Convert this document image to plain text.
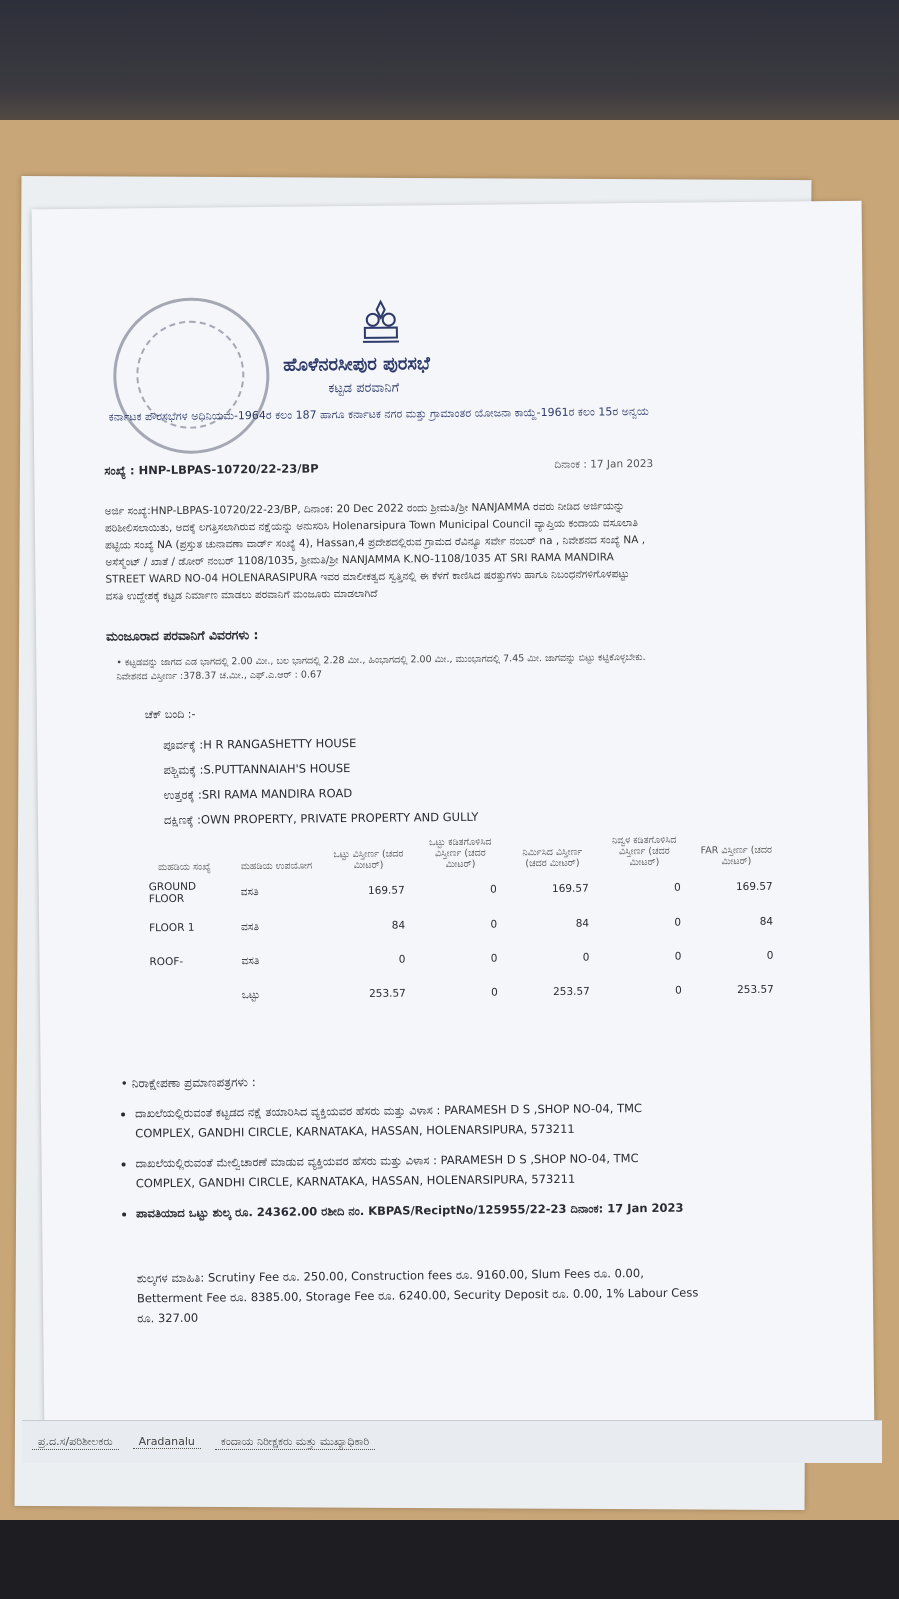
ಹೊಳೆನರಸೀಪುರ ಪುರಸಭೆ
ಕಟ್ಟಡ ಪರವಾನಿಗೆ
ಕರ್ನಾಟಕ ಪೌರಸಭೆಗಳ ಅಧಿನಿಯಮ-1964ರ ಕಲಂ 187 ಹಾಗೂ ಕರ್ನಾಟಕ ನಗರ ಮತ್ತು ಗ್ರಾಮಾಂತರ ಯೋಜನಾ ಕಾಯ್ದೆ-1961ರ ಕಲಂ 15ರ ಅನ್ವಯ
ಸಂಖ್ಯೆ : HNP-LBPAS-10720/22-23/BP	ದಿನಾಂಕ : 17 Jan 2023
ಅರ್ಜಿ ಸಂಖ್ಯೆ:HNP-LBPAS-10720/22-23/BP, ದಿನಾಂಕ: 20 Dec 2022 ರಂದು ಶ್ರೀಮತಿ/ಶ್ರೀ NANJAMMA ರವರು ನೀಡಿದ ಅರ್ಜಿಯನ್ನು ಪರಿಶೀಲಿಸಲಾಯಿತು, ಅದಕ್ಕೆ ಲಗತ್ತಿಸಲಾಗಿರುವ ನಕ್ಷೆಯನ್ನು ಅನುಸರಿಸಿ Holenarsipura Town Municipal Council ವ್ಯಾಪ್ತಿಯ ಕಂದಾಯ ವಸೂಲಾತಿ ಪಟ್ಟಿಯ ಸಂಖ್ಯೆ NA (ಪ್ರಸ್ತುತ ಚುನಾವಣಾ ವಾರ್ಡ್ ಸಂಖ್ಯೆ 4), Hassan,4 ಪ್ರದೇಶದಲ್ಲಿರುವ ಗ್ರಾಮದ ರೆವಿನ್ಯೂ ಸರ್ವೇ ನಂಬರ್ na , ನಿವೇಶನದ ಸಂಖ್ಯೆ NA , ಅಸೆಸ್ಮೆಂಟ್ / ಖಾತೆ / ಡೋರ್ ನಂಬರ್ 1108/1035, ಶ್ರೀಮತಿ/ಶ್ರೀ NANJAMMA K.NO-1108/1035 AT SRI RAMA MANDIRA STREET WARD NO-04 HOLENARASIPURA ಇವರ ಮಾಲೀಕತ್ವದ ಸ್ವತ್ತಿನಲ್ಲಿ ಈ ಕೆಳಗೆ ಕಾಣಿಸಿದ ಷರತ್ತುಗಳು ಹಾಗೂ ನಿಬಂಧನೆಗಳಿಗೊಳಪಟ್ಟು ವಸತಿ ಉದ್ದೇಶಕ್ಕೆ ಕಟ್ಟಡ ನಿರ್ಮಾಣ ಮಾಡಲು ಪರವಾನಿಗೆ ಮಂಜೂರು ಮಾಡಲಾಗಿದೆ
ಮಂಜೂರಾದ ಪರವಾನಿಗೆ ವಿವರಗಳು :
• ಕಟ್ಟಡವನ್ನು ಜಾಗದ ಎಡ ಭಾಗದಲ್ಲಿ 2.00 ಮೀ., ಬಲ ಭಾಗದಲ್ಲಿ 2.28 ಮೀ., ಹಿಂಭಾಗದಲ್ಲಿ 2.00 ಮೀ., ಮುಂಭಾಗದಲ್ಲಿ 7.45 ಮೀ. ಜಾಗವನ್ನು ಬಿಟ್ಟು ಕಟ್ಟಿಕೊಳ್ಳಬೇಕು.
ನಿವೇಶನದ ವಿಸ್ತೀರ್ಣ :378.37 ಚ.ಮೀ., ಎಫ್.ಎ.ಆರ್ : 0.67
ಚೆಕ್ ಬಂದಿ :-
ಪೂರ್ವಕ್ಕೆ :H R RANGASHETTY HOUSE
ಪಶ್ಚಿಮಕ್ಕೆ :S.PUTTANNAIAH'S HOUSE
ಉತ್ತರಕ್ಕೆ :SRI RAMA MANDIRA ROAD
ದಕ್ಷಿಣಕ್ಕೆ :OWN PROPERTY, PRIVATE PROPERTY AND GULLY
ಮಹಡಿಯ ಸಂಖ್ಯೆ	ಮಹಡಿಯ ಉಪಯೋಗ	ಒಟ್ಟು ವಿಸ್ತೀರ್ಣ (ಚದರ ಮೀಟರ್)	ಒಟ್ಟು ಕಡಿತಗೊಳಿಸಿದ ವಿಸ್ತೀರ್ಣ (ಚದರ ಮೀಟರ್)	ನಿರ್ಮಿಸಿದ ವಿಸ್ತೀರ್ಣ (ಚದರ ಮೀಟರ್)	ನಿವ್ವಳ ಕಡಿತಗೊಳಿಸಿದ ವಿಸ್ತೀರ್ಣ (ಚದರ ಮೀಟರ್)	FAR ವಿಸ್ತೀರ್ಣ (ಚದರ ಮೀಟರ್)
GROUND FLOOR	ವಸತಿ	169.57	0	169.57	0	169.57
FLOOR 1	ವಸತಿ	84	0	84	0	84
ROOF-	ವಸತಿ	0	0	0	0	0
	ಒಟ್ಟು	253.57	0	253.57	0	253.57
• ನಿರಾಕ್ಷೇಪಣಾ ಪ್ರಮಾಣಪತ್ರಗಳು :
• ದಾಖಲೆಯಲ್ಲಿರುವಂತೆ ಕಟ್ಟಡದ ನಕ್ಷೆ ತಯಾರಿಸಿದ ವ್ಯಕ್ತಿಯವರ ಹೆಸರು ಮತ್ತು ವಿಳಾಸ : PARAMESH D S ,SHOP NO-04, TMC COMPLEX, GANDHI CIRCLE, KARNATAKA, HASSAN, HOLENARSIPURA, 573211
• ದಾಖಲೆಯಲ್ಲಿರುವಂತೆ ಮೇಲ್ವಿಚಾರಣೆ ಮಾಡುವ ವ್ಯಕ್ತಿಯವರ ಹೆಸರು ಮತ್ತು ವಿಳಾಸ : PARAMESH D S ,SHOP NO-04, TMC COMPLEX, GANDHI CIRCLE, KARNATAKA, HASSAN, HOLENARSIPURA, 573211
• ಪಾವತಿಯಾದ ಒಟ್ಟು ಶುಲ್ಕ ರೂ. 24362.00 ರಶೀದಿ ನಂ. KBPAS/ReciptNo/125955/22-23 ದಿನಾಂಕ: 17 Jan 2023
ಶುಲ್ಕಗಳ ಮಾಹಿತಿ: Scrutiny Fee ರೂ. 250.00, Construction fees ರೂ. 9160.00, Slum Fees ರೂ. 0.00, Betterment Fee ರೂ. 8385.00, Storage Fee ರೂ. 6240.00, Security Deposit ರೂ. 0.00, 1% Labour Cess ರೂ. 327.00
ಪ್ರ.ದ.ಸ/ಪರಿಶೀಲಕರು	Aradanalu	ಕಂದಾಯ ನಿರೀಕ್ಷಕರು ಮತ್ತು ಮುಖ್ಯಾಧಿಕಾರಿ
